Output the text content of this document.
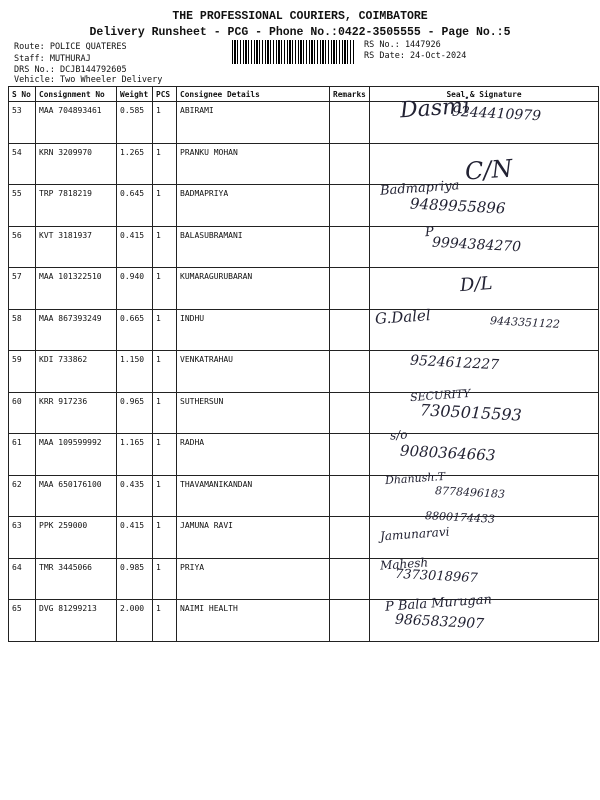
THE PROFESSIONAL COURIERS, COIMBATORE
Delivery Runsheet - PCG - Phone No.:0422-3505555 - Page No.:5
Route: POLICE QUATERES
Staff: MUTHURAJ
DRS No.: DCJB144792605
Vehicle: Two Wheeler Delivery
RS No.: 1447926
RS Date: 24-Oct-2024
S No	Consignment No	Weight	PCS	Consignee Details	Remarks	Seal & Signature
53	MAA 704893461	0.585	1	ABIRAMI		Dasmi
9244410979

54	KRN 3209970	1.265	1	PRANKU MOHAN		C/N

55	TRP 7818219	0.645	1	BADMAPRIYA		Badmapriya
9489955896

56	KVT 3181937	0.415	1	BALASUBRAMANI		P
9994384270

57	MAA 101322510	0.940	1	KUMARAGURUBARAN		D/L

58	MAA 867393249	0.665	1	INDHU		G.Dalel 9443351122

59	KDI 733862	1.150	1	VENKATRAHAU		9524612227

60	KRR 917236	0.965	1	SUTHERSUN		SECURITY
7305015593

61	MAA 109599992	1.165	1	RADHA		s/o
9080364663

62	MAA 650176100	0.435	1	THAVAMANIKANDAN		Dhanush.T
8778496183

63	PPK 259000	0.415	1	JAMUNA RAVI		Jamunaravi
8800174433

64	TMR 3445066	0.985	1	PRIYA		Mahesh
7373018967

65	DVG 81299213	2.000	1	NAIMI HEALTH		P Bala Murugan
9865832907
